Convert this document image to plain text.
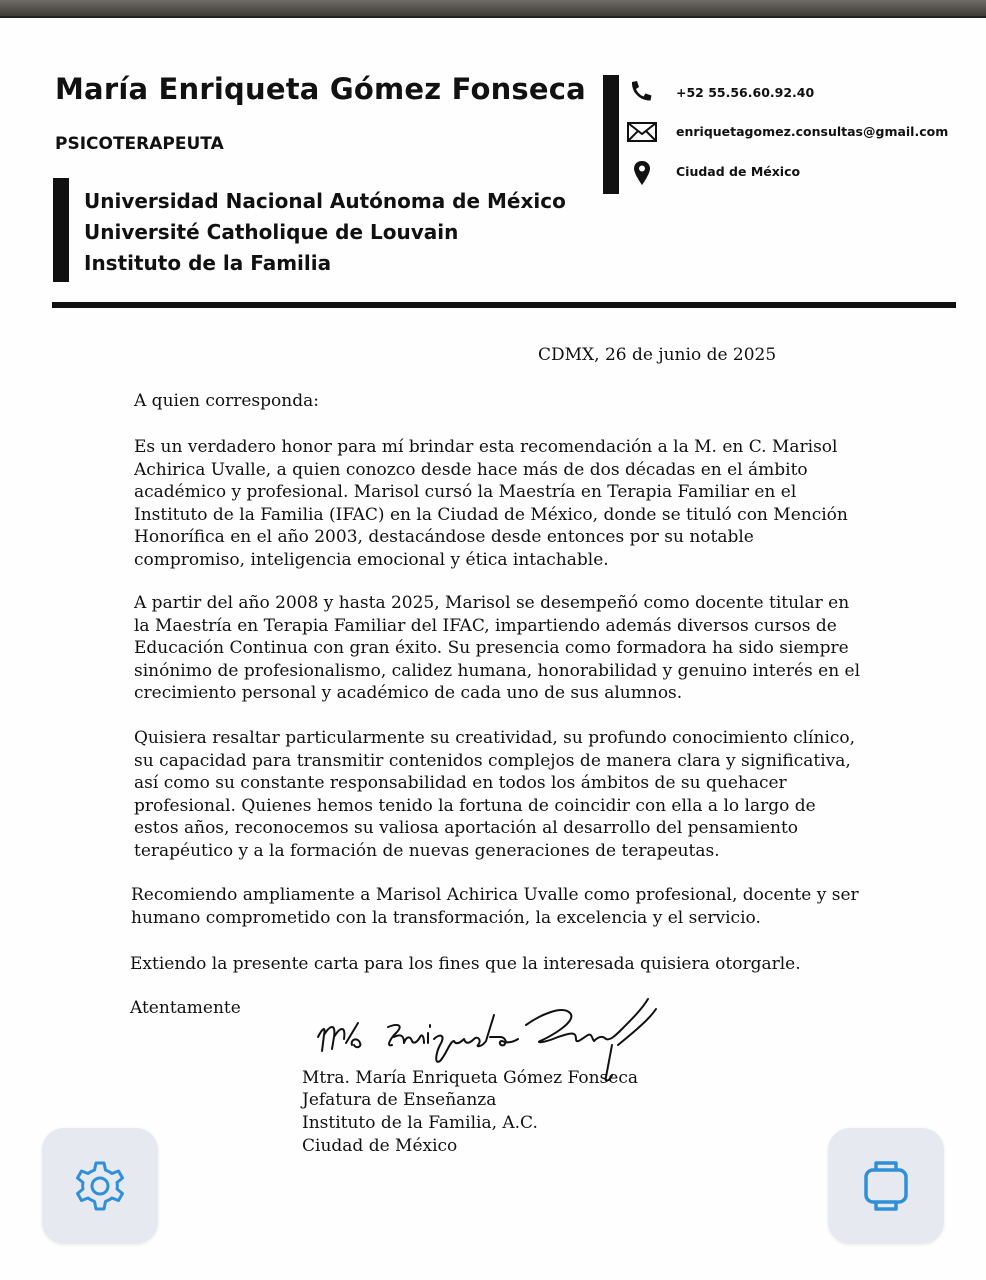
María Enriqueta Gómez Fonseca
PSICOTERAPEUTA
Universidad Nacional Autónoma de México
Université Catholique de Louvain
Instituto de la Familia
+52 55.56.60.92.40
enriquetagomez.consultas@gmail.com
Ciudad de México
CDMX, 26 de junio de 2025
A quien corresponda:
Es un verdadero honor para mí brindar esta recomendación a la M. en C. Marisol Achirica Uvalle, a quien conozco desde hace más de dos décadas en el ámbito académico y profesional. Marisol cursó la Maestría en Terapia Familiar en el Instituto de la Familia (IFAC) en la Ciudad de México, donde se tituló con Mención Honorífica en el año 2003, destacándose desde entonces por su notable compromiso, inteligencia emocional y ética intachable.
A partir del año 2008 y hasta 2025, Marisol se desempeñó como docente titular en la Maestría en Terapia Familiar del IFAC, impartiendo además diversos cursos de Educación Continua con gran éxito. Su presencia como formadora ha sido siempre sinónimo de profesionalismo, calidez humana, honorabilidad y genuino interés en el crecimiento personal y académico de cada uno de sus alumnos.
Quisiera resaltar particularmente su creatividad, su profundo conocimiento clínico, su capacidad para transmitir contenidos complejos de manera clara y significativa, así como su constante responsabilidad en todos los ámbitos de su quehacer profesional. Quienes hemos tenido la fortuna de coincidir con ella a lo largo de estos años, reconocemos su valiosa aportación al desarrollo del pensamiento terapéutico y a la formación de nuevas generaciones de terapeutas.
Recomiendo ampliamente a Marisol Achirica Uvalle como profesional, docente y ser humano comprometido con la transformación, la excelencia y el servicio.
Extiendo la presente carta para los fines que la interesada quisiera otorgarle.
Atentamente
Mtra. María Enriqueta Gómez Fonseca
Jefatura de Enseñanza
Instituto de la Familia, A.C.
Ciudad de México
